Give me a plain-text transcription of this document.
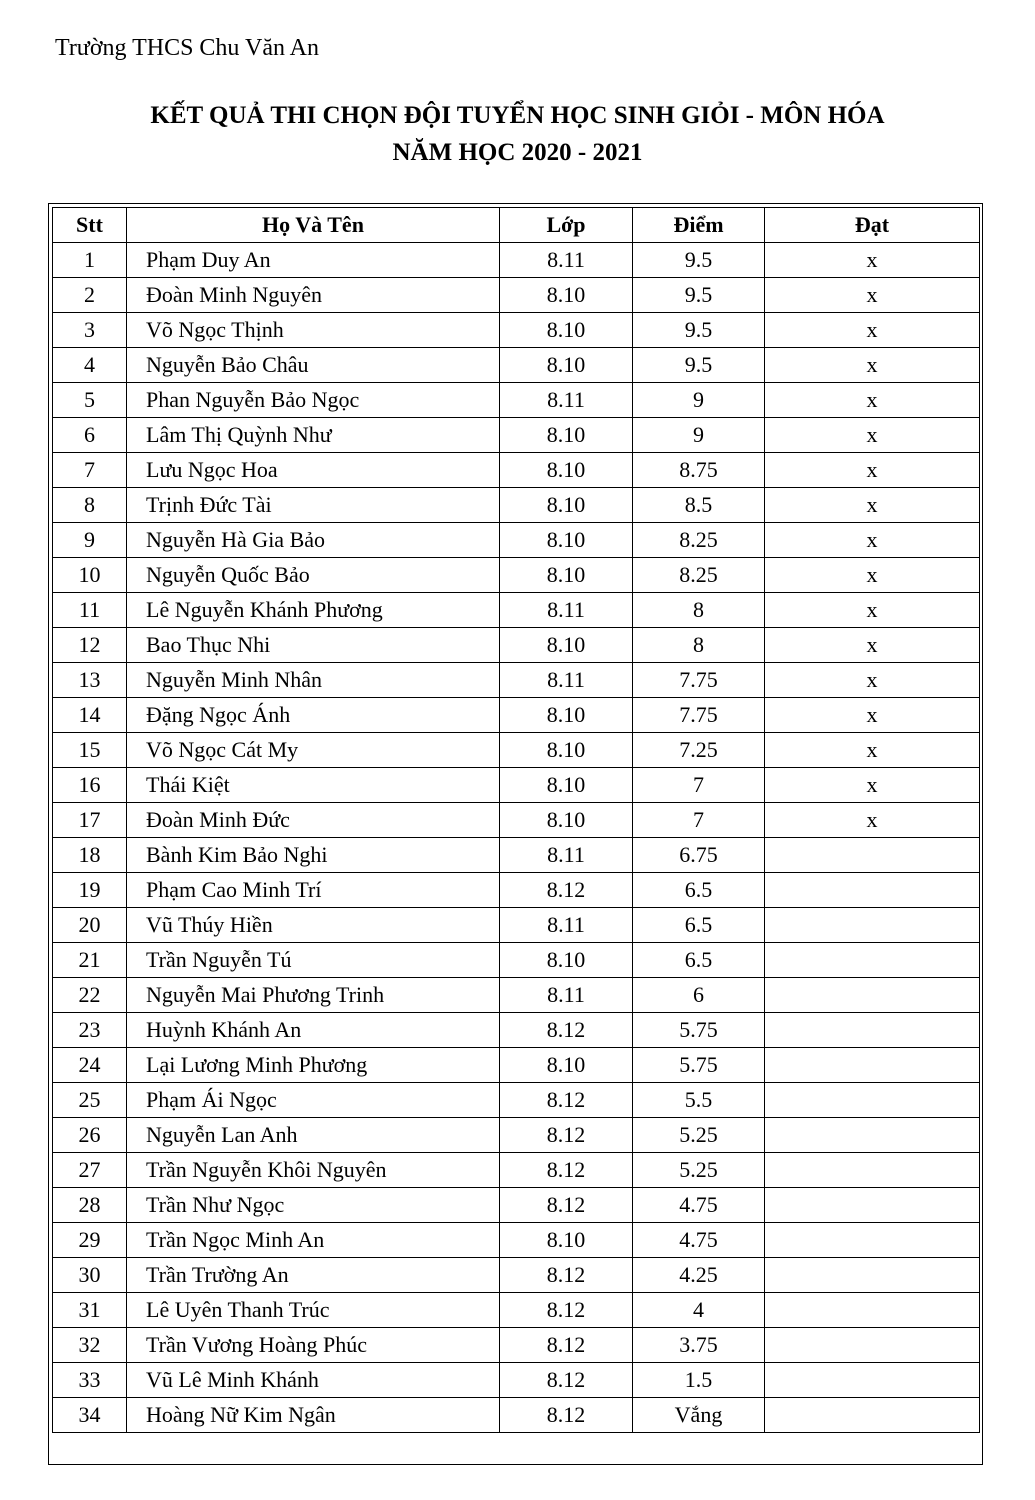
Trường THCS Chu Văn An
KẾT QUẢ THI CHỌN ĐỘI TUYỂN HỌC SINH GIỎI - MÔN HÓA
NĂM HỌC 2020 - 2021
Stt	Họ Và Tên	Lớp	Điểm	Đạt
1	Phạm Duy An	8.11	9.5	x
2	Đoàn Minh Nguyên	8.10	9.5	x
3	Võ Ngọc Thịnh	8.10	9.5	x
4	Nguyễn Bảo Châu	8.10	9.5	x
5	Phan Nguyễn Bảo Ngọc	8.11	9	x
6	Lâm Thị Quỳnh Như	8.10	9	x
7	Lưu Ngọc Hoa	8.10	8.75	x
8	Trịnh Đức Tài	8.10	8.5	x
9	Nguyễn Hà Gia Bảo	8.10	8.25	x
10	Nguyễn Quốc Bảo	8.10	8.25	x
11	Lê Nguyễn Khánh Phương	8.11	8	x
12	Bao Thục Nhi	8.10	8	x
13	Nguyễn Minh Nhân	8.11	7.75	x
14	Đặng Ngọc Ánh	8.10	7.75	x
15	Võ Ngọc Cát My	8.10	7.25	x
16	Thái Kiệt	8.10	7	x
17	Đoàn Minh Đức	8.10	7	x
18	Bành Kim Bảo Nghi	8.11	6.75	
19	Phạm Cao Minh Trí	8.12	6.5	
20	Vũ Thúy Hiền	8.11	6.5	
21	Trần Nguyễn Tú	8.10	6.5	
22	Nguyễn Mai Phương Trinh	8.11	6	
23	Huỳnh Khánh An	8.12	5.75	
24	Lại Lương Minh Phương	8.10	5.75	
25	Phạm Ái Ngọc	8.12	5.5	
26	Nguyễn Lan Anh	8.12	5.25	
27	Trần Nguyễn Khôi Nguyên	8.12	5.25	
28	Trần Như Ngọc	8.12	4.75	
29	Trần Ngọc Minh An	8.10	4.75	
30	Trần Trường An	8.12	4.25	
31	Lê Uyên Thanh Trúc	8.12	4	
32	Trần Vương Hoàng Phúc	8.12	3.75	
33	Vũ Lê Minh Khánh	8.12	1.5	
34	Hoàng Nữ Kim Ngân	8.12	Vắng	
